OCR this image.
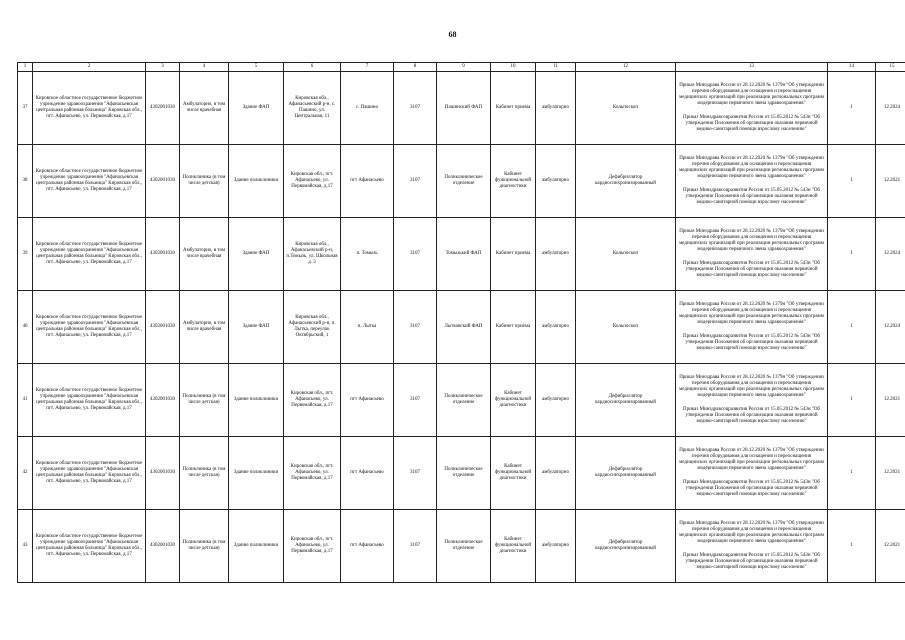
68
1	2	3	4	5	6	7	8	9	10	11	12	13	14	15
37	Кировское областное государственное бюджетное учреждение здравоохранения "Афанасьевская центральная районная больница" Кировская обл., пгт. Афанасьево, ул. Первомайская, д.17	4302001030	Амбулаторно, в том числе врачебная	Здание ФАП	Кировская обл., Афанасьевский р-н, с. Пашино, ул. Центральная, 11	с. Пашино	3107	Пашинский ФАП	Кабинет приема	амбулаторно	Кольпоскоп	Приказ Минздрава России от 28.12.2020 № 1379н "Об утверждении перечня оборудования для оснащения и переоснащения медицинских организаций при реализации региональных программ модернизации первичного звена здравоохранения"

Приказ Минздравсоцразвития России от 15.05.2012 № 543н "Об утверждении Положения об организации оказания первичной медико-санитарной помощи взрослому населению"	1	12.2024
38	Кировское областное государственное бюджетное учреждение здравоохранения "Афанасьевская центральная районная больница" Кировская обл., пгт. Афанасьево, ул. Первомайская, д.17	4302001030	Поликлиника (в том числе детская)	Здание поликлиники	Кировская обл., пгт. Афанасьево, ул. Первомайская, д.17	пгт Афанасьево	3107	Поликлиническое отделение	Кабинет функциональной диагностики	амбулаторно	Дефибриллятор кардиосинхронизированный	Приказ Минздрава России от 28.12.2020 № 1379н "Об утверждении перечня оборудования для оснащения и переоснащения медицинских организаций при реализации региональных программ модернизации первичного звена здравоохранения"

Приказ Минздравсоцразвития России от 15.05.2012 № 543н "Об утверждении Положения об организации оказания первичной медико-санитарной помощи взрослому населению"	1	12.2021
39	Кировское областное государственное бюджетное учреждение здравоохранения "Афанасьевская центральная районная больница" Кировская обл., пгт. Афанасьево, ул. Первомайская, д.17	4302001030	Амбулаторно, в том числе врачебная	Здание ФАП	Кировская обл., Афанасьевский р-н, п.Томызь, ул. Школьная д. 3	п. Томызь	3107	Томызький ФАП	Кабинет приема	амбулаторно	Кольпоскоп	Приказ Минздрава России от 28.12.2020 № 1379н "Об утверждении перечня оборудования для оснащения и переоснащения медицинских организаций при реализации региональных программ модернизации первичного звена здравоохранения"

Приказ Минздравсоцразвития России от 15.05.2012 № 543н "Об утверждении Положения об организации оказания первичной медико-санитарной помощи взрослому населению"	1	12.2024
40	Кировское областное государственное бюджетное учреждение здравоохранения "Афанасьевская центральная районная больница" Кировская обл., пгт. Афанасьево, ул. Первомайская, д.17	4302001030	Амбулаторно, в том числе врачебная	Здание ФАП	Кировская обл., Афанасьевский р-н, п. Лытка, переулок Октябрьский, 1	п. Лытка	3107	Лытковский ФАП	Кабинет приема	амбулаторно	Кольпоскоп	Приказ Минздрава России от 28.12.2020 № 1379н "Об утверждении перечня оборудования для оснащения и переоснащения медицинских организаций при реализации региональных программ модернизации первичного звена здравоохранения"

Приказ Минздравсоцразвития России от 15.05.2012 № 543н "Об утверждении Положения об организации оказания первичной медико-санитарной помощи взрослому населению"	1	12.2024
41	Кировское областное государственное бюджетное учреждение здравоохранения "Афанасьевская центральная районная больница" Кировская обл., пгт. Афанасьево, ул. Первомайская, д.17	4302001030	Поликлиника (в том числе детская)	Здание поликлиники	Кировская обл., пгт. Афанасьево, ул. Первомайская, д.17	пгт Афанасьево	3107	Поликлиническое отделение	Кабинет функциональной диагностики	амбулаторно	Дефибриллятор кардиосинхронизированный	Приказ Минздрава России от 28.12.2020 № 1379н "Об утверждении перечня оборудования для оснащения и переоснащения медицинских организаций при реализации региональных программ модернизации первичного звена здравоохранения"

Приказ Минздравсоцразвития России от 15.05.2012 № 543н "Об утверждении Положения об организации оказания первичной медико-санитарной помощи взрослому населению"	1	12.2021
42	Кировское областное государственное бюджетное учреждение здравоохранения "Афанасьевская центральная районная больница" Кировская обл., пгт. Афанасьево, ул. Первомайская, д.17	4302001030	Поликлиника (в том числе детская)	Здание поликлиники	Кировская обл., пгт. Афанасьево, ул. Первомайская, д.17	пгт Афанасьево	3107	Поликлиническое отделение	Кабинет функциональной диагностики	амбулаторно	Дефибриллятор кардиосинхронизированный	Приказ Минздрава России от 28.12.2020 № 1379н "Об утверждении перечня оборудования для оснащения и переоснащения медицинских организаций при реализации региональных программ модернизации первичного звена здравоохранения"

Приказ Минздравсоцразвития России от 15.05.2012 № 543н "Об утверждении Положения об организации оказания первичной медико-санитарной помощи взрослому населению"	1	12.2021
43	Кировское областное государственное бюджетное учреждение здравоохранения "Афанасьевская центральная районная больница" Кировская обл., пгт. Афанасьево, ул. Первомайская, д.17	4302001030	Поликлиника (в том числе детская)	Здание поликлиники	Кировская обл., пгт. Афанасьево, ул. Первомайская, д.17	пгт Афанасьево	3107	Поликлиническое отделение	Кабинет функциональной диагностики	амбулаторно	Дефибриллятор кардиосинхронизированный	Приказ Минздрава России от 28.12.2020 № 1379н "Об утверждении перечня оборудования для оснащения и переоснащения медицинских организаций при реализации региональных программ модернизации первичного звена здравоохранения"

Приказ Минздравсоцразвития России от 15.05.2012 № 543н "Об утверждении Положения об организации оказания первичной медико-санитарной помощи взрослому населению"	1	12.2021
